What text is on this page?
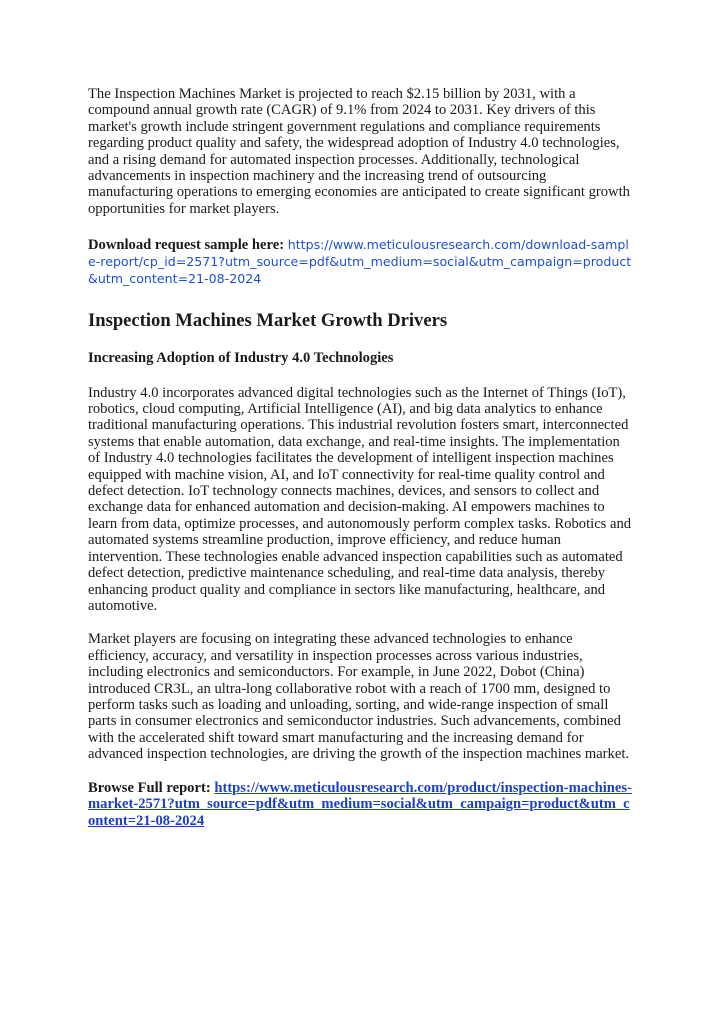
The Inspection Machines Market is projected to reach $2.15 billion by 2031, with a compound annual growth rate (CAGR) of 9.1% from 2024 to 2031. Key drivers of this market's growth include stringent government regulations and compliance requirements regarding product quality and safety, the widespread adoption of Industry 4.0 technologies, and a rising demand for automated inspection processes. Additionally, technological advancements in inspection machinery and the increasing trend of outsourcing manufacturing operations to emerging economies are anticipated to create significant growth opportunities for market players.

Download request sample here: https://www.meticulousresearch.com/download-sample-report/cp_id=2571?utm_source=pdf&utm_medium=social&utm_campaign=product&utm_content=21-08-2024

Inspection Machines Market Growth Drivers
Increasing Adoption of Industry 4.0 Technologies

Industry 4.0 incorporates advanced digital technologies such as the Internet of Things (IoT), robotics, cloud computing, Artificial Intelligence (AI), and big data analytics to enhance traditional manufacturing operations. This industrial revolution fosters smart, interconnected systems that enable automation, data exchange, and real-time insights. The implementation of Industry 4.0 technologies facilitates the development of intelligent inspection machines equipped with machine vision, AI, and IoT connectivity for real-time quality control and defect detection. IoT technology connects machines, devices, and sensors to collect and exchange data for enhanced automation and decision-making. AI empowers machines to learn from data, optimize processes, and autonomously perform complex tasks. Robotics and automated systems streamline production, improve efficiency, and reduce human intervention. These technologies enable advanced inspection capabilities such as automated defect detection, predictive maintenance scheduling, and real-time data analysis, thereby enhancing product quality and compliance in sectors like manufacturing, healthcare, and automotive.

Market players are focusing on integrating these advanced technologies to enhance efficiency, accuracy, and versatility in inspection processes across various industries, including electronics and semiconductors. For example, in June 2022, Dobot (China) introduced CR3L, an ultra-long collaborative robot with a reach of 1700 mm, designed to perform tasks such as loading and unloading, sorting, and wide-range inspection of small parts in consumer electronics and semiconductor industries. Such advancements, combined with the accelerated shift toward smart manufacturing and the increasing demand for advanced inspection technologies, are driving the growth of the inspection machines market.

Browse Full report: https://www.meticulousresearch.com/product/inspection-machines-market-2571?utm_source=pdf&utm_medium=social&utm_campaign=product&utm_content=21-08-2024
